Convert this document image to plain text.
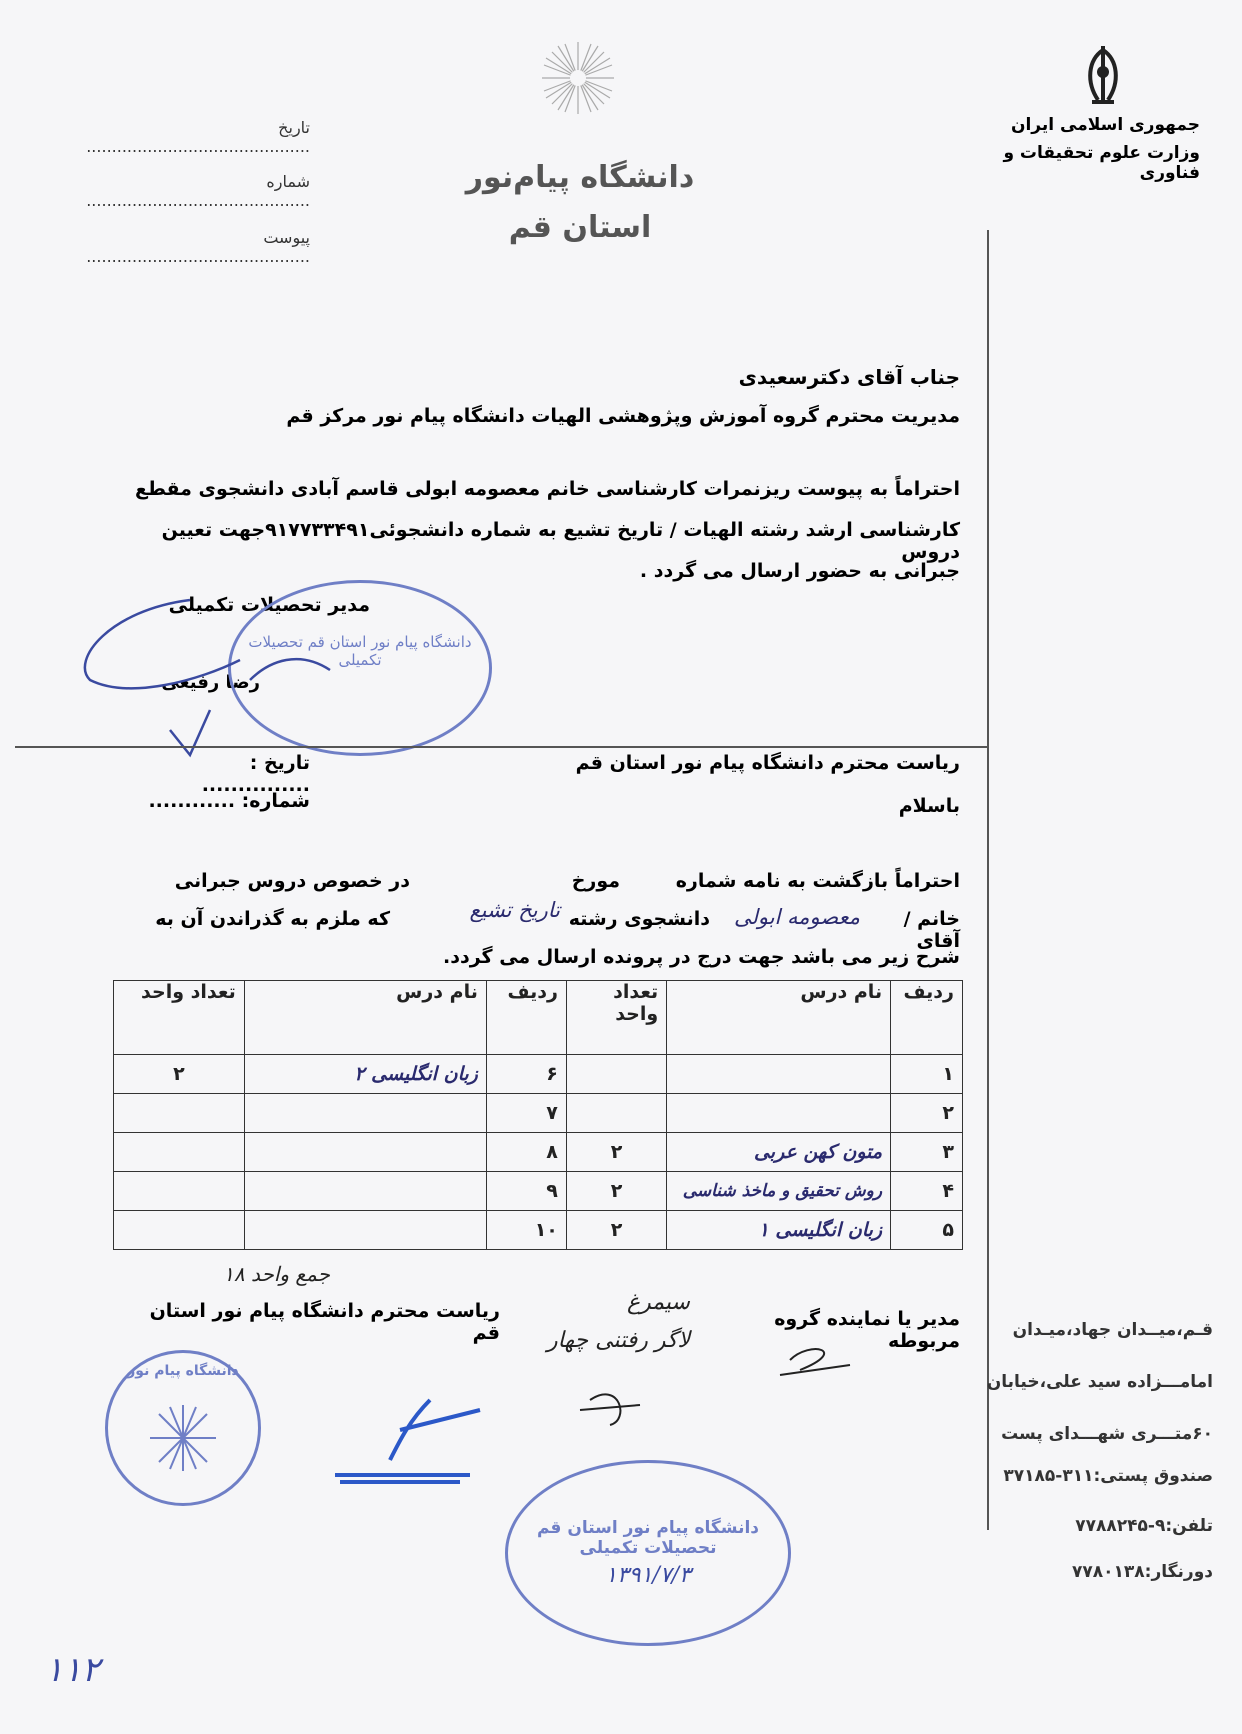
جمهوری اسلامی ایران
وزارت علوم تحقیقات و فناوری
دانشگاه پیام‌نور
استان قم
تاریخ ............................................
شماره ............................................
پیوست ............................................
جناب آقای دکترسعیدی
مدیریت محترم گروه آموزش وپژوهشی الهیات دانشگاه پیام نور مرکز قم
احتراماً به پیوست ریزنمرات کارشناسی خانم معصومه ابولی قاسم آبادی دانشجوی مقطع
کارشناسی ارشد رشته الهیات / تاریخ تشیع به شماره دانشجوئی۹۱۷۷۳۳۴۹۱جهت تعیین دروس
جبرانی به حضور ارسال می گردد .
مدیر تحصیلات تکمیلی
رضا رفیعی
دانشگاه پیام نور استان قم تحصیلات تکمیلی
تاریخ : ...............
شماره: ............
ریاست محترم دانشگاه پیام نور استان قم
باسلام
احتراماً بازگشت به نامه شماره
مورخ
در خصوص دروس جبرانی
خانم / آقای
معصومه ابولی
دانشجوی رشته
تاریخ تشیع
که ملزم به گذراندن آن به
شرح زیر می باشد جهت درج در پرونده ارسال می گردد.
ردیف	نام درس	تعداد واحد	ردیف	نام درس	تعداد واحد
۱			۶	زبان انگلیسی ۲	۲
۲			۷		
۳	متون کهن عربی	۲	۸		
۴	روش تحقیق و ماخذ شناسی	۲	۹		
۵	زبان انگلیسی ۱	۲	۱۰		
جمع واحد ۱۸
مدیر یا نماینده گروه مربوطه
ریاست محترم دانشگاه پیام نور استان قم
سیمرغ
لاگر رفتنی چهار
دانشگاه پیام نور
دانشگاه پیام نور استان قم تحصیلات تکمیلی
۱۳۹۱/۷/۳
قـم،میــدان جهاد،میـدان
امامـــزاده سید علی،خیابان
۶۰متـــری شهـــدای پست
صندوق پستی:۳۱۱-۳۷۱۸۵
تلفن:۹-۷۷۸۸۲۴۵
دورنگار:۷۷۸۰۱۳۸
۱۱۲
